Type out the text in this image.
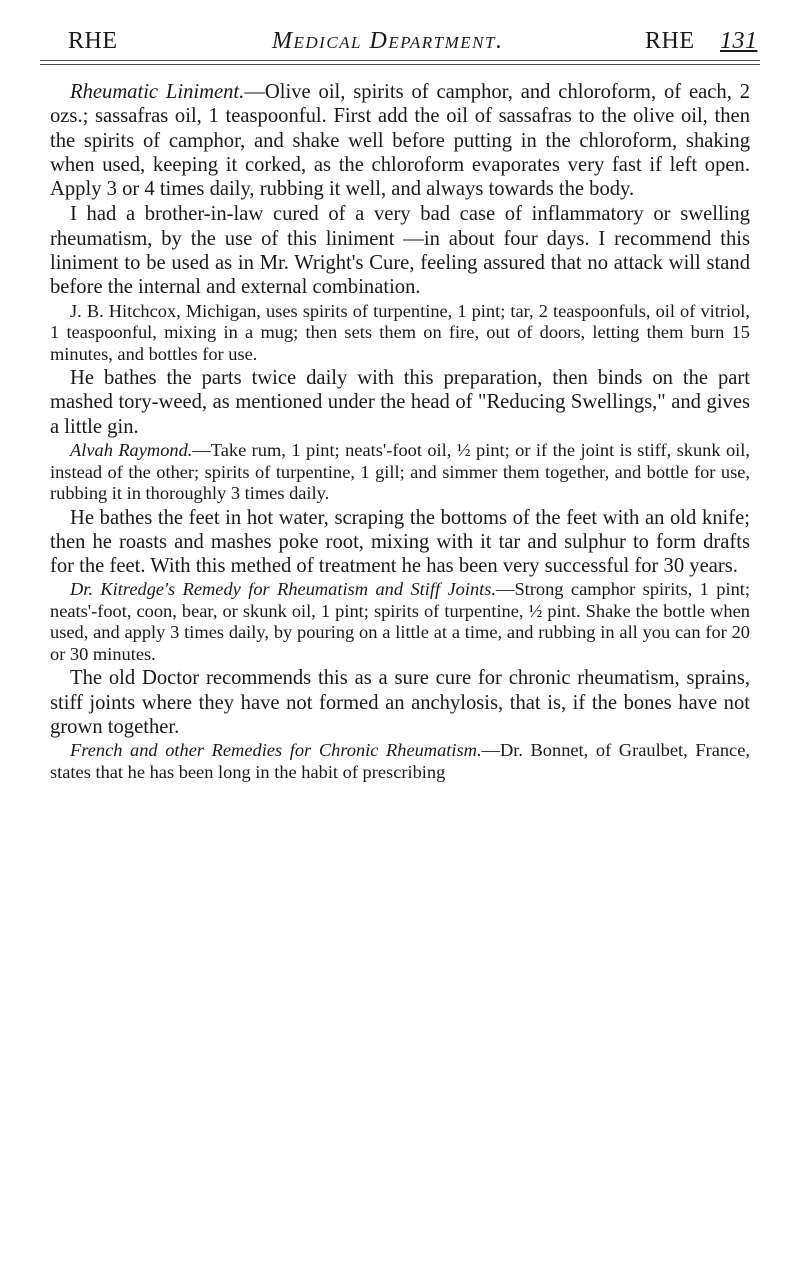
RHE	Medical Department.	RHE 131

Rheumatic Liniment.—Olive oil, spirits of camphor, and chloroform, of each, 2 ozs.; sassafras oil, 1 teaspoonful. First add the oil of sassafras to the olive oil, then the spirits of camphor, and shake well before putting in the chloroform, shaking when used, keeping it corked, as the chloroform evaporates very fast if left open. Apply 3 or 4 times daily, rubbing it well, and always towards the body.

I had a brother-in-law cured of a very bad case of inflammatory or swelling rheumatism, by the use of this liniment —in about four days. I recommend this liniment to be used as in Mr. Wright's Cure, feeling assured that no attack will stand before the internal and external combination.

J. B. Hitchcox, Michigan, uses spirits of turpentine, 1 pint; tar, 2 teaspoonfuls, oil of vitriol, 1 teaspoonful, mixing in a mug; then sets them on fire, out of doors, letting them burn 15 minutes, and bottles for use.

He bathes the parts twice daily with this preparation, then binds on the part mashed tory-weed, as mentioned under the head of "Reducing Swellings," and gives a little gin.

Alvah Raymond.—Take rum, 1 pint; neats'-foot oil, ½ pint; or if the joint is stiff, skunk oil, instead of the other; spirits of turpentine, 1 gill; and simmer them together, and bottle for use, rubbing it in thoroughly 3 times daily.

He bathes the feet in hot water, scraping the bottoms of the feet with an old knife; then he roasts and mashes poke root, mixing with it tar and sulphur to form drafts for the feet. With this methed of treatment he has been very successful for 30 years.

Dr. Kitredge's Remedy for Rheumatism and Stiff Joints.—Strong camphor spirits, 1 pint; neats'-foot, coon, bear, or skunk oil, 1 pint; spirits of turpentine, ½ pint. Shake the bottle when used, and apply 3 times daily, by pouring on a little at a time, and rubbing in all you can for 20 or 30 minutes.

The old Doctor recommends this as a sure cure for chronic rheumatism, sprains, stiff joints where they have not formed an anchylosis, that is, if the bones have not grown together.

French and other Remedies for Chronic Rheumatism.—Dr. Bonnet, of Graulbet, France, states that he has been long in the habit of prescribing
